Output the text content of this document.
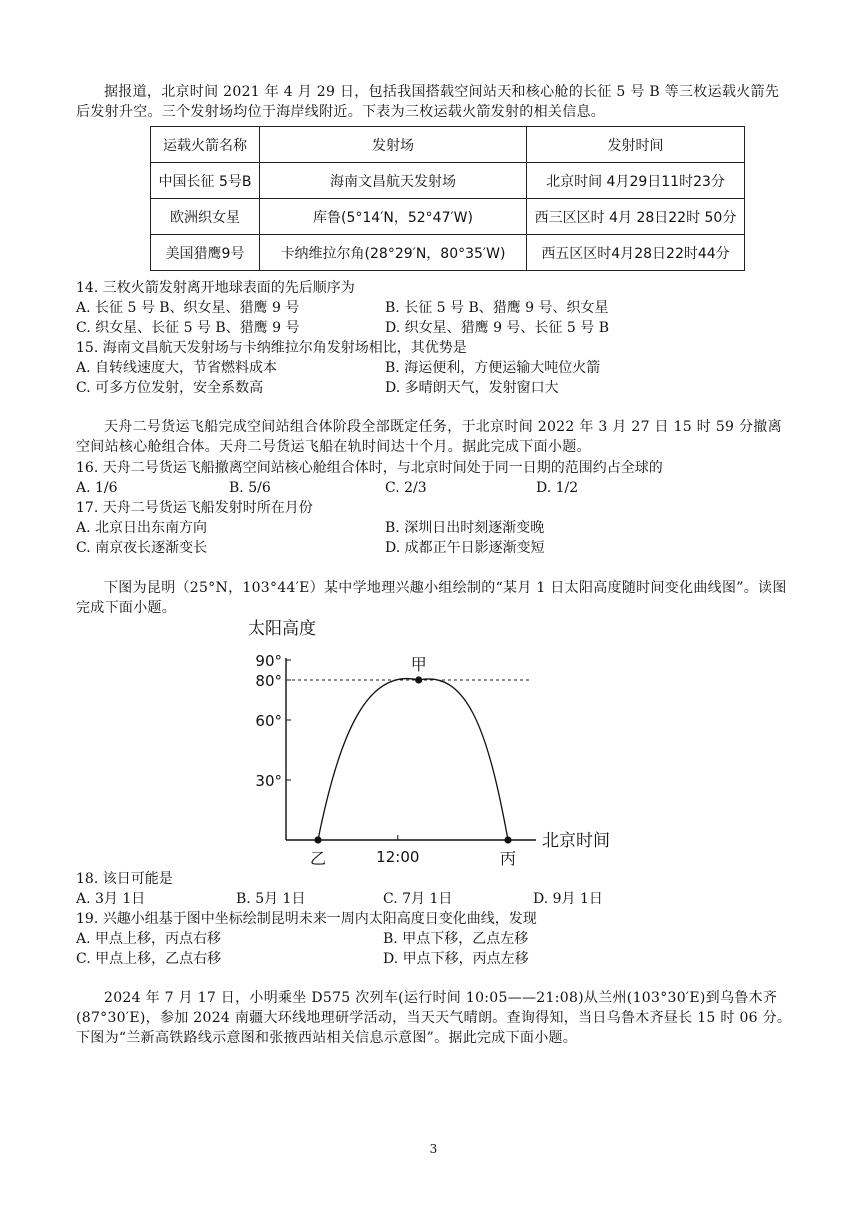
据报道，北京时间 2021 年 4 月 29 日，包括我国搭载空间站天和核心舱的长征 5 号 B 等三枚运载火箭先后发射升空。三个发射场均位于海岸线附近。下表为三枚运载火箭发射的相关信息。

运载火箭名称	发射场	发射时间
中国长征 5号B	海南文昌航天发射场	北京时间 4月29日11时23分
欧洲织女星	库鲁(5°14′N，52°47′W)	西三区区时 4月 28日22时 50分
美国猎鹰9号	卡纳维拉尔角(28°29′N，80°35′W)	西五区区时4月28日22时44分
14. 三枚火箭发射离开地球表面的先后顺序为
A. 长征 5 号 B、织女星、猎鹰 9 号	B. 长征 5 号 B、猎鹰 9 号、织女星
C. 织女星、长征 5 号 B、猎鹰 9 号	D. 织女星、猎鹰 9 号、长征 5 号 B
15. 海南文昌航天发射场与卡纳维拉尔角发射场相比，其优势是
A. 自转线速度大，节省燃料成本	B. 海运便利，方便运输大吨位火箭
C. 可多方位发射，安全系数高	D. 多晴朗天气，发射窗口大

天舟二号货运飞船完成空间站组合体阶段全部既定任务，于北京时间 2022 年 3 月 27 日 15 时 59 分撤离空间站核心舱组合体。天舟二号货运飞船在轨时间达十个月。据此完成下面小题。

16. 天舟二号货运飞船撤离空间站核心舱组合体时，与北京时间处于同一日期的范围约占全球的
A. 1/6	B. 5/6	C. 2/3	D. 1/2
17. 天舟二号货运飞船发射时所在月份
A. 北京日出东南方向	B. 深圳日出时刻逐渐变晚
C. 南京夜长逐渐变长	D. 成都正午日影逐渐变短

下图为昆明（25°N，103°44′E）某中学地理兴趣小组绘制的“某月 1 日太阳高度随时间变化曲线图”。读图完成下面小题。

太阳高度
北京时间
90°
80°
60°
30°
12:00
乙
甲
丙
18. 该日可能是
A. 3月 1日	B. 5月 1日	C. 7月 1日	D. 9月 1日
19. 兴趣小组基于图中坐标绘制昆明未来一周内太阳高度日变化曲线，发现
A. 甲点上移，丙点右移	B. 甲点下移，乙点左移
C. 甲点上移，乙点右移	D. 甲点下移，丙点左移

2024 年 7 月 17 日，小明乘坐 D575 次列车(运行时间 10:05——21:08)从兰州(103°30′E)到乌鲁木齐(87°30′E)，参加 2024 南疆大环线地理研学活动，当天天气晴朗。查询得知，当日乌鲁木齐昼长 15 时 06 分。下图为“兰新高铁路线示意图和张掖西站相关信息示意图”。据此完成下面小题。

3
